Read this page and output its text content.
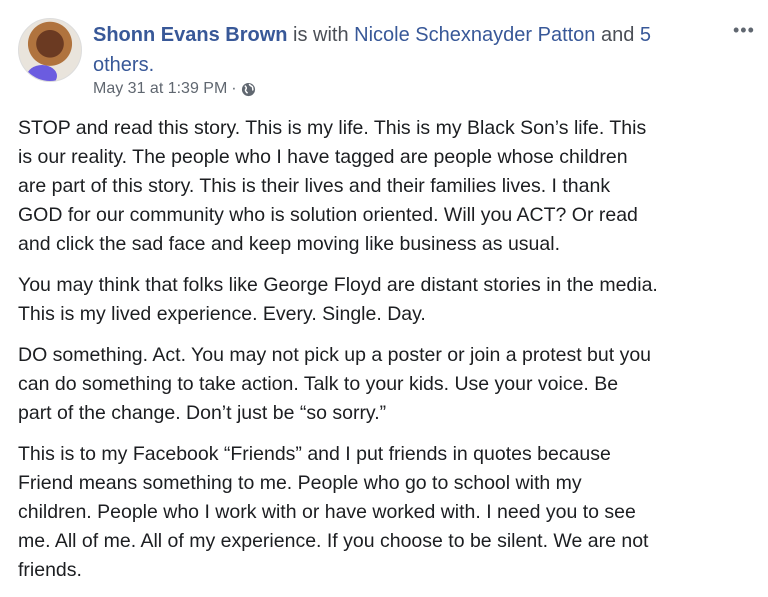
Shonn Evans Brown is with Nicole Schexnayder Patton and 5 others.
May 31 at 1:39 PM ·
•••
STOP and read this story. This is my life. This is my Black Son’s life. This
is our reality. The people who I have tagged are people whose children
are part of this story. This is their lives and their families lives. I thank
GOD for our community who is solution oriented. Will you ACT? Or read
and click the sad face and keep moving like business as usual.
You may think that folks like George Floyd are distant stories in the media.
This is my lived experience. Every. Single. Day.
DO something. Act. You may not pick up a poster or join a protest but you
can do something to take action. Talk to your kids. Use your voice. Be
part of the change. Don’t just be “so sorry.”
This is to my Facebook “Friends” and I put friends in quotes because
Friend means something to me. People who go to school with my
children. People who I work with or have worked with. I need you to see
me. All of me. All of my experience. If you choose to be silent. We are not
friends.
